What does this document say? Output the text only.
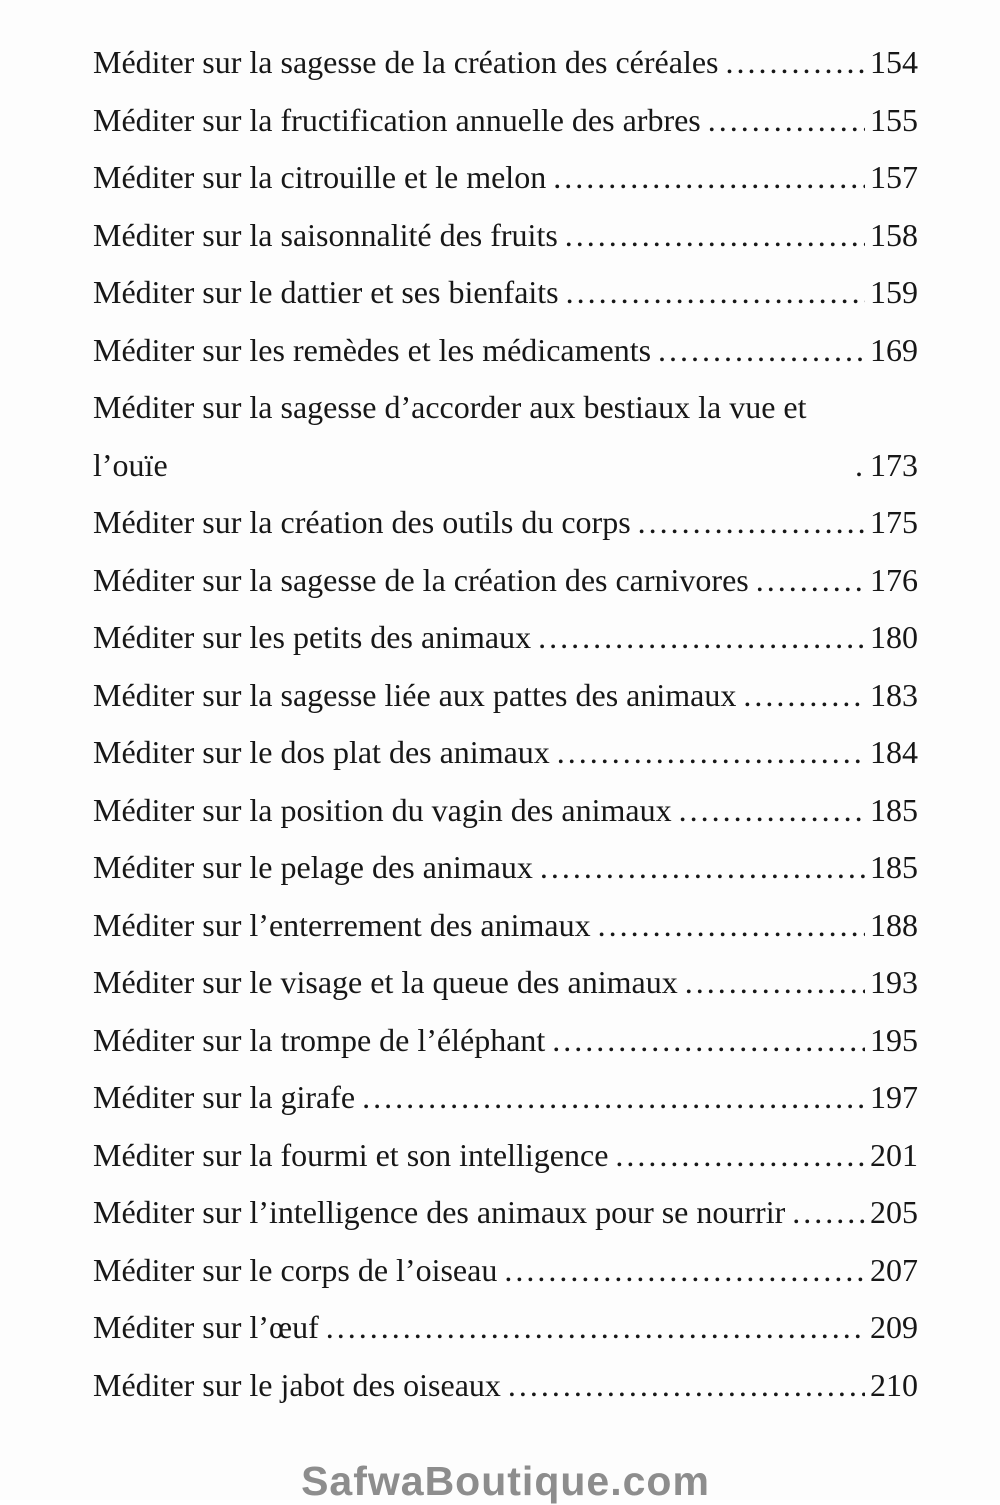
Méditer sur la sagesse de la création des céréales .....	154
Méditer sur la fructification annuelle des arbres .....	155
Méditer sur la citrouille et le melon .....	157
Méditer sur la saisonnalité des fruits .....	158
Méditer sur le dattier et ses bienfaits .....	159
Méditer sur les remèdes et les médicaments .....	169
Méditer sur la sagesse d’accorder aux bestiaux la vue et l’ouïe .....	173
Méditer sur la création des outils du corps .....	175
Méditer sur la sagesse de la création des carnivores .....	176
Méditer sur les petits des animaux .....	180
Méditer sur la sagesse liée aux pattes des animaux .....	183
Méditer sur le dos plat des animaux .....	184
Méditer sur la position du vagin des animaux .....	185
Méditer sur le pelage des animaux .....	185
Méditer sur l’enterrement des animaux .....	188
Méditer sur le visage et la queue des animaux .....	193
Méditer sur la trompe de l’éléphant .....	195
Méditer sur la girafe .....	197
Méditer sur la fourmi et son intelligence .....	201
Méditer sur l’intelligence des animaux pour se nourrir .....	205
Méditer sur le corps de l’oiseau .....	207
Méditer sur l’œuf .....	209
Méditer sur le jabot des oiseaux .....	210
SafwaBoutique.com
